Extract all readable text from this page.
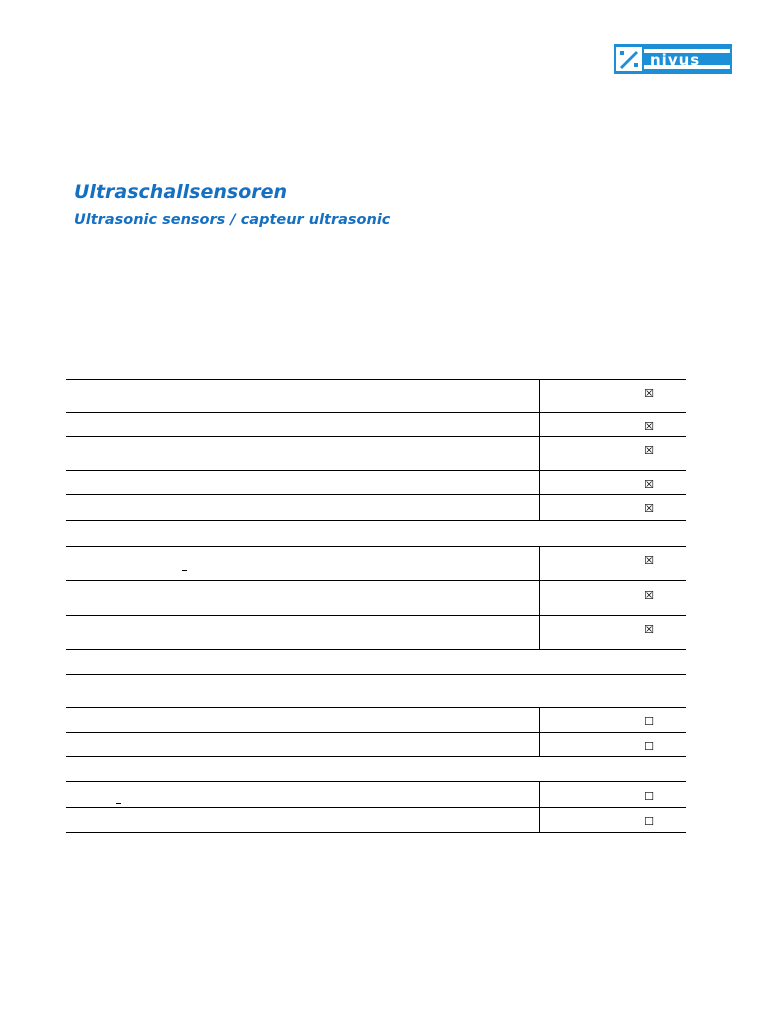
nivus
Ultraschallsensoren
Ultrasonic sensors / capteur ultrasonic
☒
☒
☒
☒
☒
☒
☒
☒
☐
☐
☐
☐
